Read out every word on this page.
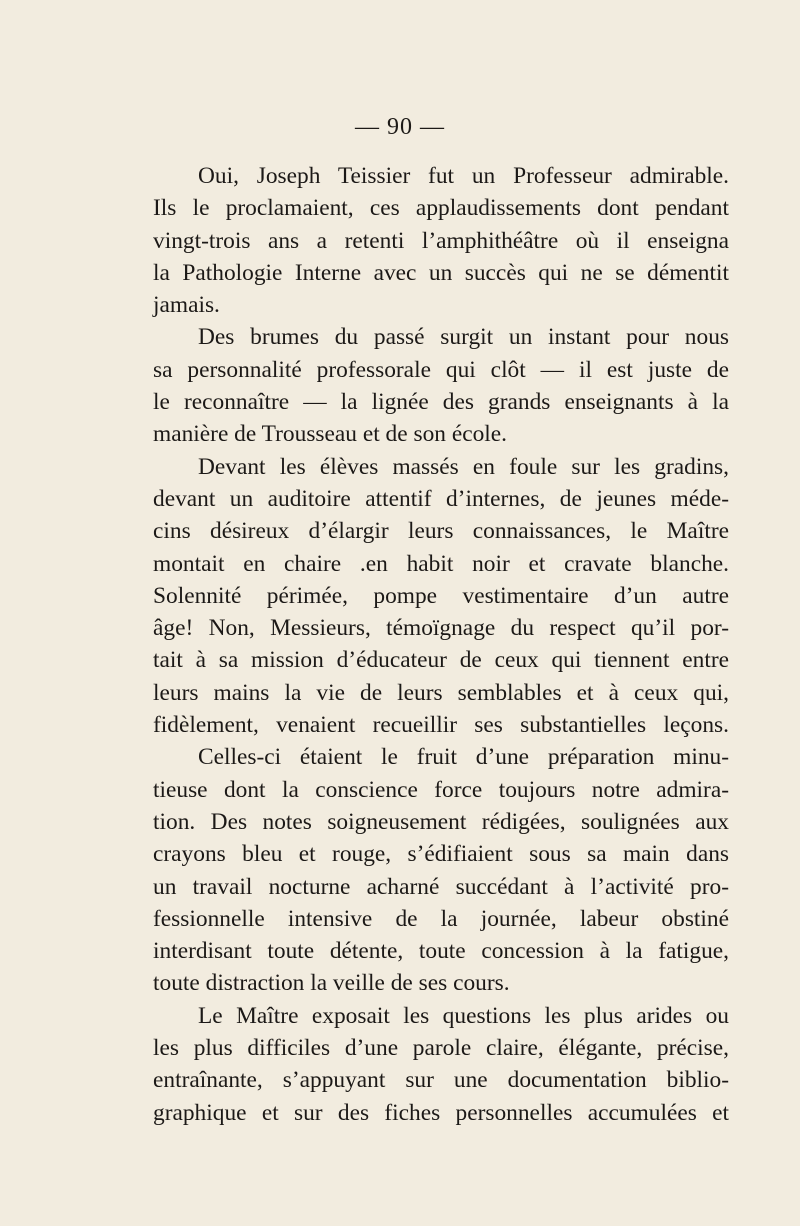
— 90 —
Oui, Joseph Teissier fut un Professeur admirable.
Ils le proclamaient, ces applaudissements dont pendant
vingt-trois ans a retenti l’amphithéâtre où il enseigna
la Pathologie Interne avec un succès qui ne se démentit
jamais.
Des brumes du passé surgit un instant pour nous
sa personnalité professorale qui clôt — il est juste de
le reconnaître — la lignée des grands enseignants à la
manière de Trousseau et de son école.
Devant les élèves massés en foule sur les gradins,
devant un auditoire attentif d’internes, de jeunes méde-
cins désireux d’élargir leurs connaissances, le Maître
montait en chaire .en habit noir et cravate blanche.
Solennité périmée, pompe vestimentaire d’un autre
âge! Non, Messieurs, témoïgnage du respect qu’il por-
tait à sa mission d’éducateur de ceux qui tiennent entre
leurs mains la vie de leurs semblables et à ceux qui,
fidèlement, venaient recueillir ses substantielles leçons.
Celles-ci étaient le fruit d’une préparation minu-
tieuse dont la conscience force toujours notre admira-
tion. Des notes soigneusement rédigées, soulignées aux
crayons bleu et rouge, s’édifiaient sous sa main dans
un travail nocturne acharné succédant à l’activité pro-
fessionnelle intensive de la journée, labeur obstiné
interdisant toute détente, toute concession à la fatigue,
toute distraction la veille de ses cours.
Le Maître exposait les questions les plus arides ou
les plus difficiles d’une parole claire, élégante, précise,
entraînante, s’appuyant sur une documentation biblio-
graphique et sur des fiches personnelles accumulées et
